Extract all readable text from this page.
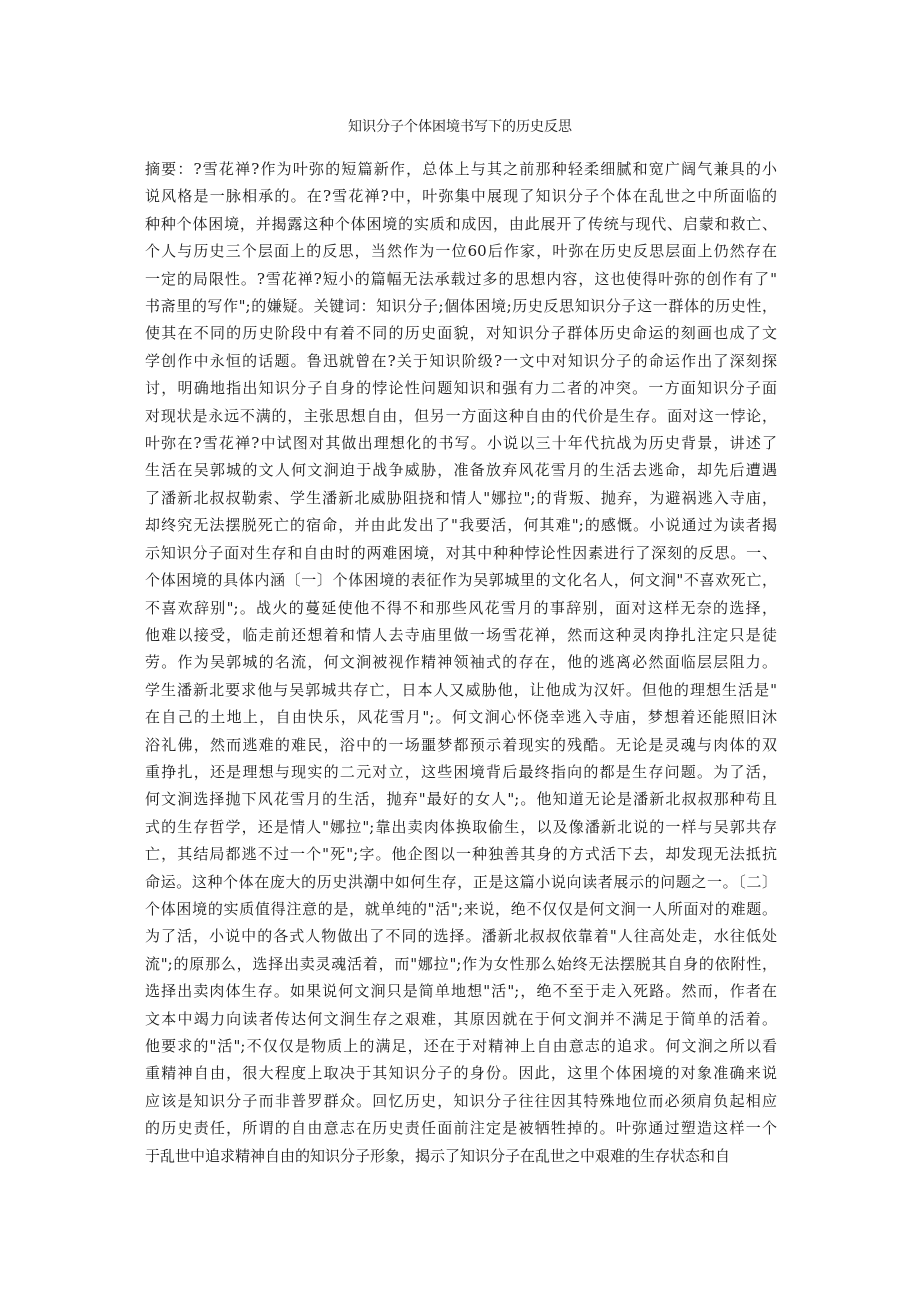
知识分子个体困境书写下的历史反思
摘要：?雪花禅?作为叶弥的短篇新作，总体上与其之前那种轻柔细腻和宽广阔气兼具的小
说风格是一脉相承的。在?雪花禅?中，叶弥集中展现了知识分子个体在乱世之中所面临的
种种个体困境，并揭露这种个体困境的实质和成因，由此展开了传统与现代、启蒙和救亡、
个人与历史三个层面上的反思，当然作为一位60后作家，叶弥在历史反思层面上仍然存在
一定的局限性。?雪花禅?短小的篇幅无法承载过多的思想内容，这也使得叶弥的创作有了"
书斋里的写作";的嫌疑。关键词：知识分子;個体困境;历史反思知识分子这一群体的历史性，
使其在不同的历史阶段中有着不同的历史面貌，对知识分子群体历史命运的刻画也成了文
学创作中永恒的话题。鲁迅就曾在?关于知识阶级?一文中对知识分子的命运作出了深刻探
讨，明确地指出知识分子自身的悖论性问题知识和强有力二者的冲突。一方面知识分子面
对现状是永远不满的，主张思想自由，但另一方面这种自由的代价是生存。面对这一悖论，
叶弥在?雪花禅?中试图对其做出理想化的书写。小说以三十年代抗战为历史背景，讲述了
生活在吴郭城的文人何文涧迫于战争威胁，准备放弃风花雪月的生活去逃命，却先后遭遇
了潘新北叔叔勒索、学生潘新北威胁阻挠和情人"娜拉";的背叛、抛弃，为避祸逃入寺庙，
却终究无法摆脱死亡的宿命，并由此发出了"我要活，何其难";的感慨。小说通过为读者揭
示知识分子面对生存和自由时的两难困境，对其中种种悖论性因素进行了深刻的反思。一、
个体困境的具体内涵〔一〕个体困境的表征作为吴郭城里的文化名人，何文涧"不喜欢死亡，
不喜欢辞别";。战火的蔓延使他不得不和那些风花雪月的事辞别，面对这样无奈的选择，
他难以接受，临走前还想着和情人去寺庙里做一场雪花禅，然而这种灵肉挣扎注定只是徒
劳。作为吴郭城的名流，何文涧被视作精神领袖式的存在，他的逃离必然面临层层阻力。
学生潘新北要求他与吴郭城共存亡，日本人又威胁他，让他成为汉奸。但他的理想生活是"
在自己的土地上，自由快乐，风花雪月";。何文涧心怀侥幸逃入寺庙，梦想着还能照旧沐
浴礼佛，然而逃难的难民，浴中的一场噩梦都预示着现实的残酷。无论是灵魂与肉体的双
重挣扎，还是理想与现实的二元对立，这些困境背后最终指向的都是生存问题。为了活，
何文涧选择抛下风花雪月的生活，抛弃"最好的女人";。他知道无论是潘新北叔叔那种苟且
式的生存哲学，还是情人"娜拉";靠出卖肉体换取偷生，以及像潘新北说的一样与吴郭共存
亡，其结局都逃不过一个"死";字。他企图以一种独善其身的方式活下去，却发现无法抵抗
命运。这种个体在庞大的历史洪潮中如何生存，正是这篇小说向读者展示的问题之一。〔二〕
个体困境的实质值得注意的是，就单纯的"活";来说，绝不仅仅是何文涧一人所面对的难题。
为了活，小说中的各式人物做出了不同的选择。潘新北叔叔依靠着"人往高处走，水往低处
流";的原那么，选择出卖灵魂活着，而"娜拉";作为女性那么始终无法摆脱其自身的依附性，
选择出卖肉体生存。如果说何文涧只是简单地想"活";，绝不至于走入死路。然而，作者在
文本中竭力向读者传达何文涧生存之艰难，其原因就在于何文涧并不满足于简单的活着。
他要求的"活";不仅仅是物质上的满足，还在于对精神上自由意志的追求。何文涧之所以看
重精神自由，很大程度上取决于其知识分子的身份。因此，这里个体困境的对象准确来说
应该是知识分子而非普罗群众。回忆历史，知识分子往往因其特殊地位而必须肩负起相应
的历史责任，所谓的自由意志在历史责任面前注定是被牺牲掉的。叶弥通过塑造这样一个
于乱世中追求精神自由的知识分子形象，揭示了知识分子在乱世之中艰难的生存状态和自
